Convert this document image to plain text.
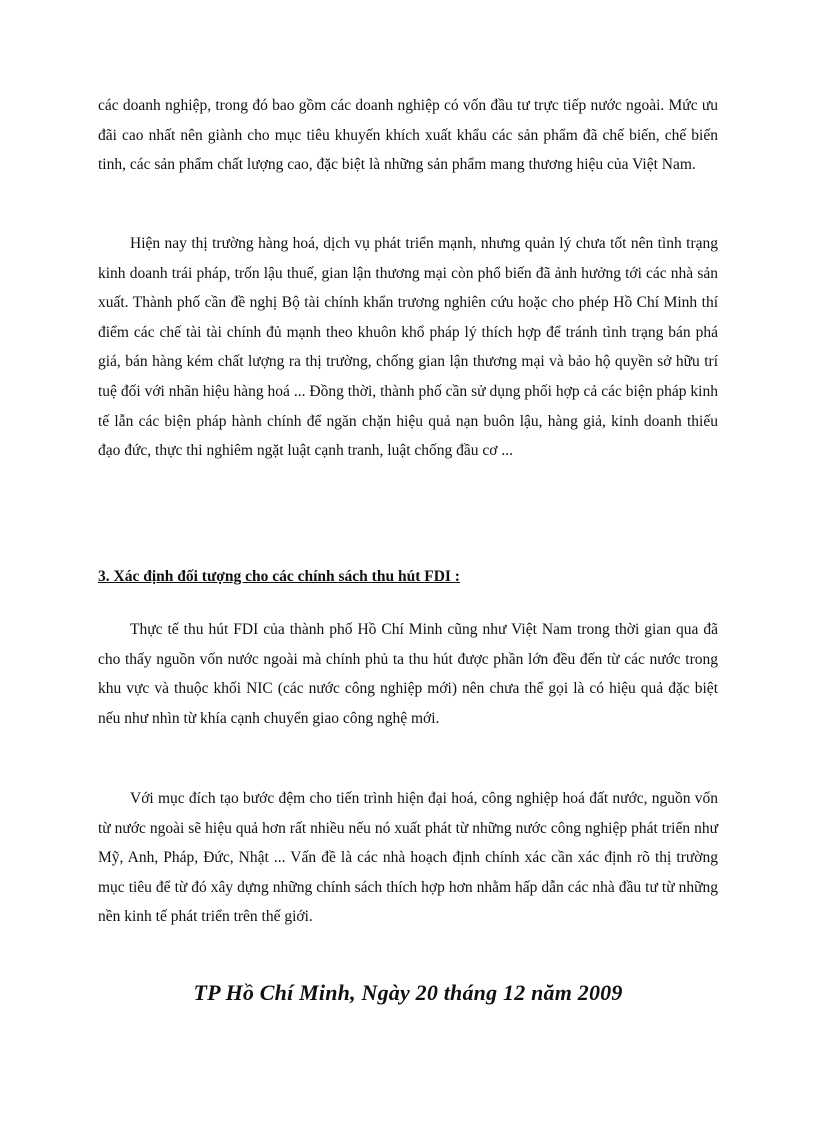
các doanh nghiệp, trong đó bao gồm các doanh nghiệp có vốn đầu tư trực tiếp nước ngoài. Mức ưu đãi cao nhất nên giành cho mục tiêu khuyến khích xuất khẩu các sản phẩm đã chế biến, chế biến tinh, các sản phẩm chất lượng cao, đặc biệt là những sản phẩm mang thương hiệu của Việt Nam.

Hiện nay thị trường hàng hoá, dịch vụ phát triển mạnh, nhưng quản lý chưa tốt nên tình trạng kinh doanh trái pháp, trốn lậu thuế, gian lận thương mại còn phổ biến đã ảnh hưởng tới các nhà sản xuất. Thành phố cần đề nghị Bộ tài chính khẩn trương nghiên cứu hoặc cho phép Hồ Chí Minh thí điểm các chế tài tài chính đủ mạnh theo khuôn khổ pháp lý thích hợp để tránh tình trạng bán phá giá, bán hàng kém chất lượng ra thị trường, chống gian lận thương mại và bảo hộ quyền sở hữu trí tuệ đối với nhãn hiệu hàng hoá ... Đồng thời, thành phố cần sử dụng phối hợp cả các biện pháp kinh tế lẫn các biện pháp hành chính để ngăn chặn hiệu quả nạn buôn lậu, hàng giả, kinh doanh thiếu đạo đức, thực thi nghiêm ngặt luật cạnh tranh, luật chống đầu cơ ...

3. Xác định đối tượng cho các chính sách thu hút FDI :

Thực tế thu hút FDI của thành phố Hồ Chí Minh cũng như Việt Nam trong thời gian qua đã cho thấy nguồn vốn nước ngoài mà chính phủ ta thu hút được phần lớn đều đến từ các nước trong khu vực và thuộc khối NIC (các nước công nghiệp mới) nên chưa thể gọi là có hiệu quả đặc biệt nếu như nhìn từ khía cạnh chuyển giao công nghệ mới.

Với mục đích tạo bước đệm cho tiến trình hiện đại hoá, công nghiệp hoá đất nước, nguồn vốn từ nước ngoài sẽ hiệu quả hơn rất nhiều nếu nó xuất phát từ những nước công nghiệp phát triển như Mỹ, Anh, Pháp, Đức, Nhật ... Vấn đề là các nhà hoạch định chính xác cần xác định rõ thị trường mục tiêu để từ đó xây dựng những chính sách thích hợp hơn nhằm hấp dẫn các nhà đầu tư từ những nền kinh tế phát triển trên thế giới.

TP Hồ Chí Minh, Ngày 20 tháng 12 năm 2009
